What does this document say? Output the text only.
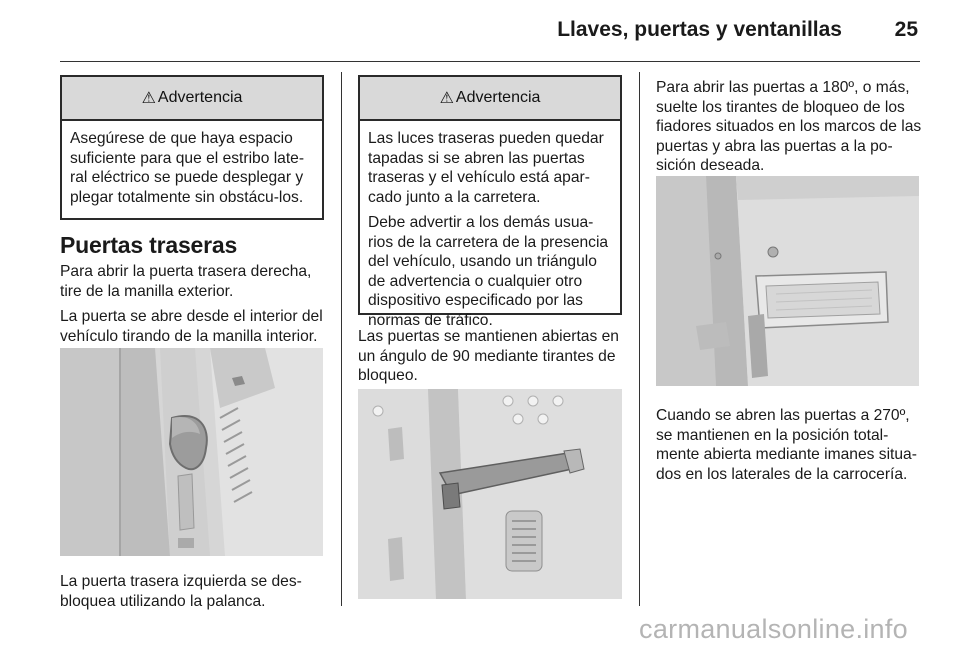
Llaves, puertas y ventanillas	25
⚠ Advertencia

Asegúrese de que haya espacio suficiente para que el estribo late-ral eléctrico se puede desplegar y plegar totalmente sin obstácu-los.

Puertas traseras

Para abrir la puerta trasera derecha, tire de la manilla exterior.

La puerta se abre desde el interior del vehículo tirando de la manilla interior.

La puerta trasera izquierda se des-bloquea utilizando la palanca.

⚠ Advertencia

Las luces traseras pueden quedar tapadas si se abren las puertas traseras y el vehículo está apar-cado junto a la carretera.

Debe advertir a los demás usua-rios de la carretera de la presencia del vehículo, usando un triángulo de advertencia o cualquier otro dispositivo especificado por las normas de tráfico.

Las puertas se mantienen abiertas en un ángulo de 90 mediante tirantes de bloqueo.

Para abrir las puertas a 180º, o más, suelte los tirantes de bloqueo de los fiadores situados en los marcos de las puertas y abra las puertas a la po-sición deseada.

Cuando se abren las puertas a 270º, se mantienen en la posición total-mente abierta mediante imanes situa-dos en los laterales de la carrocería.

carmanualsonline.info
